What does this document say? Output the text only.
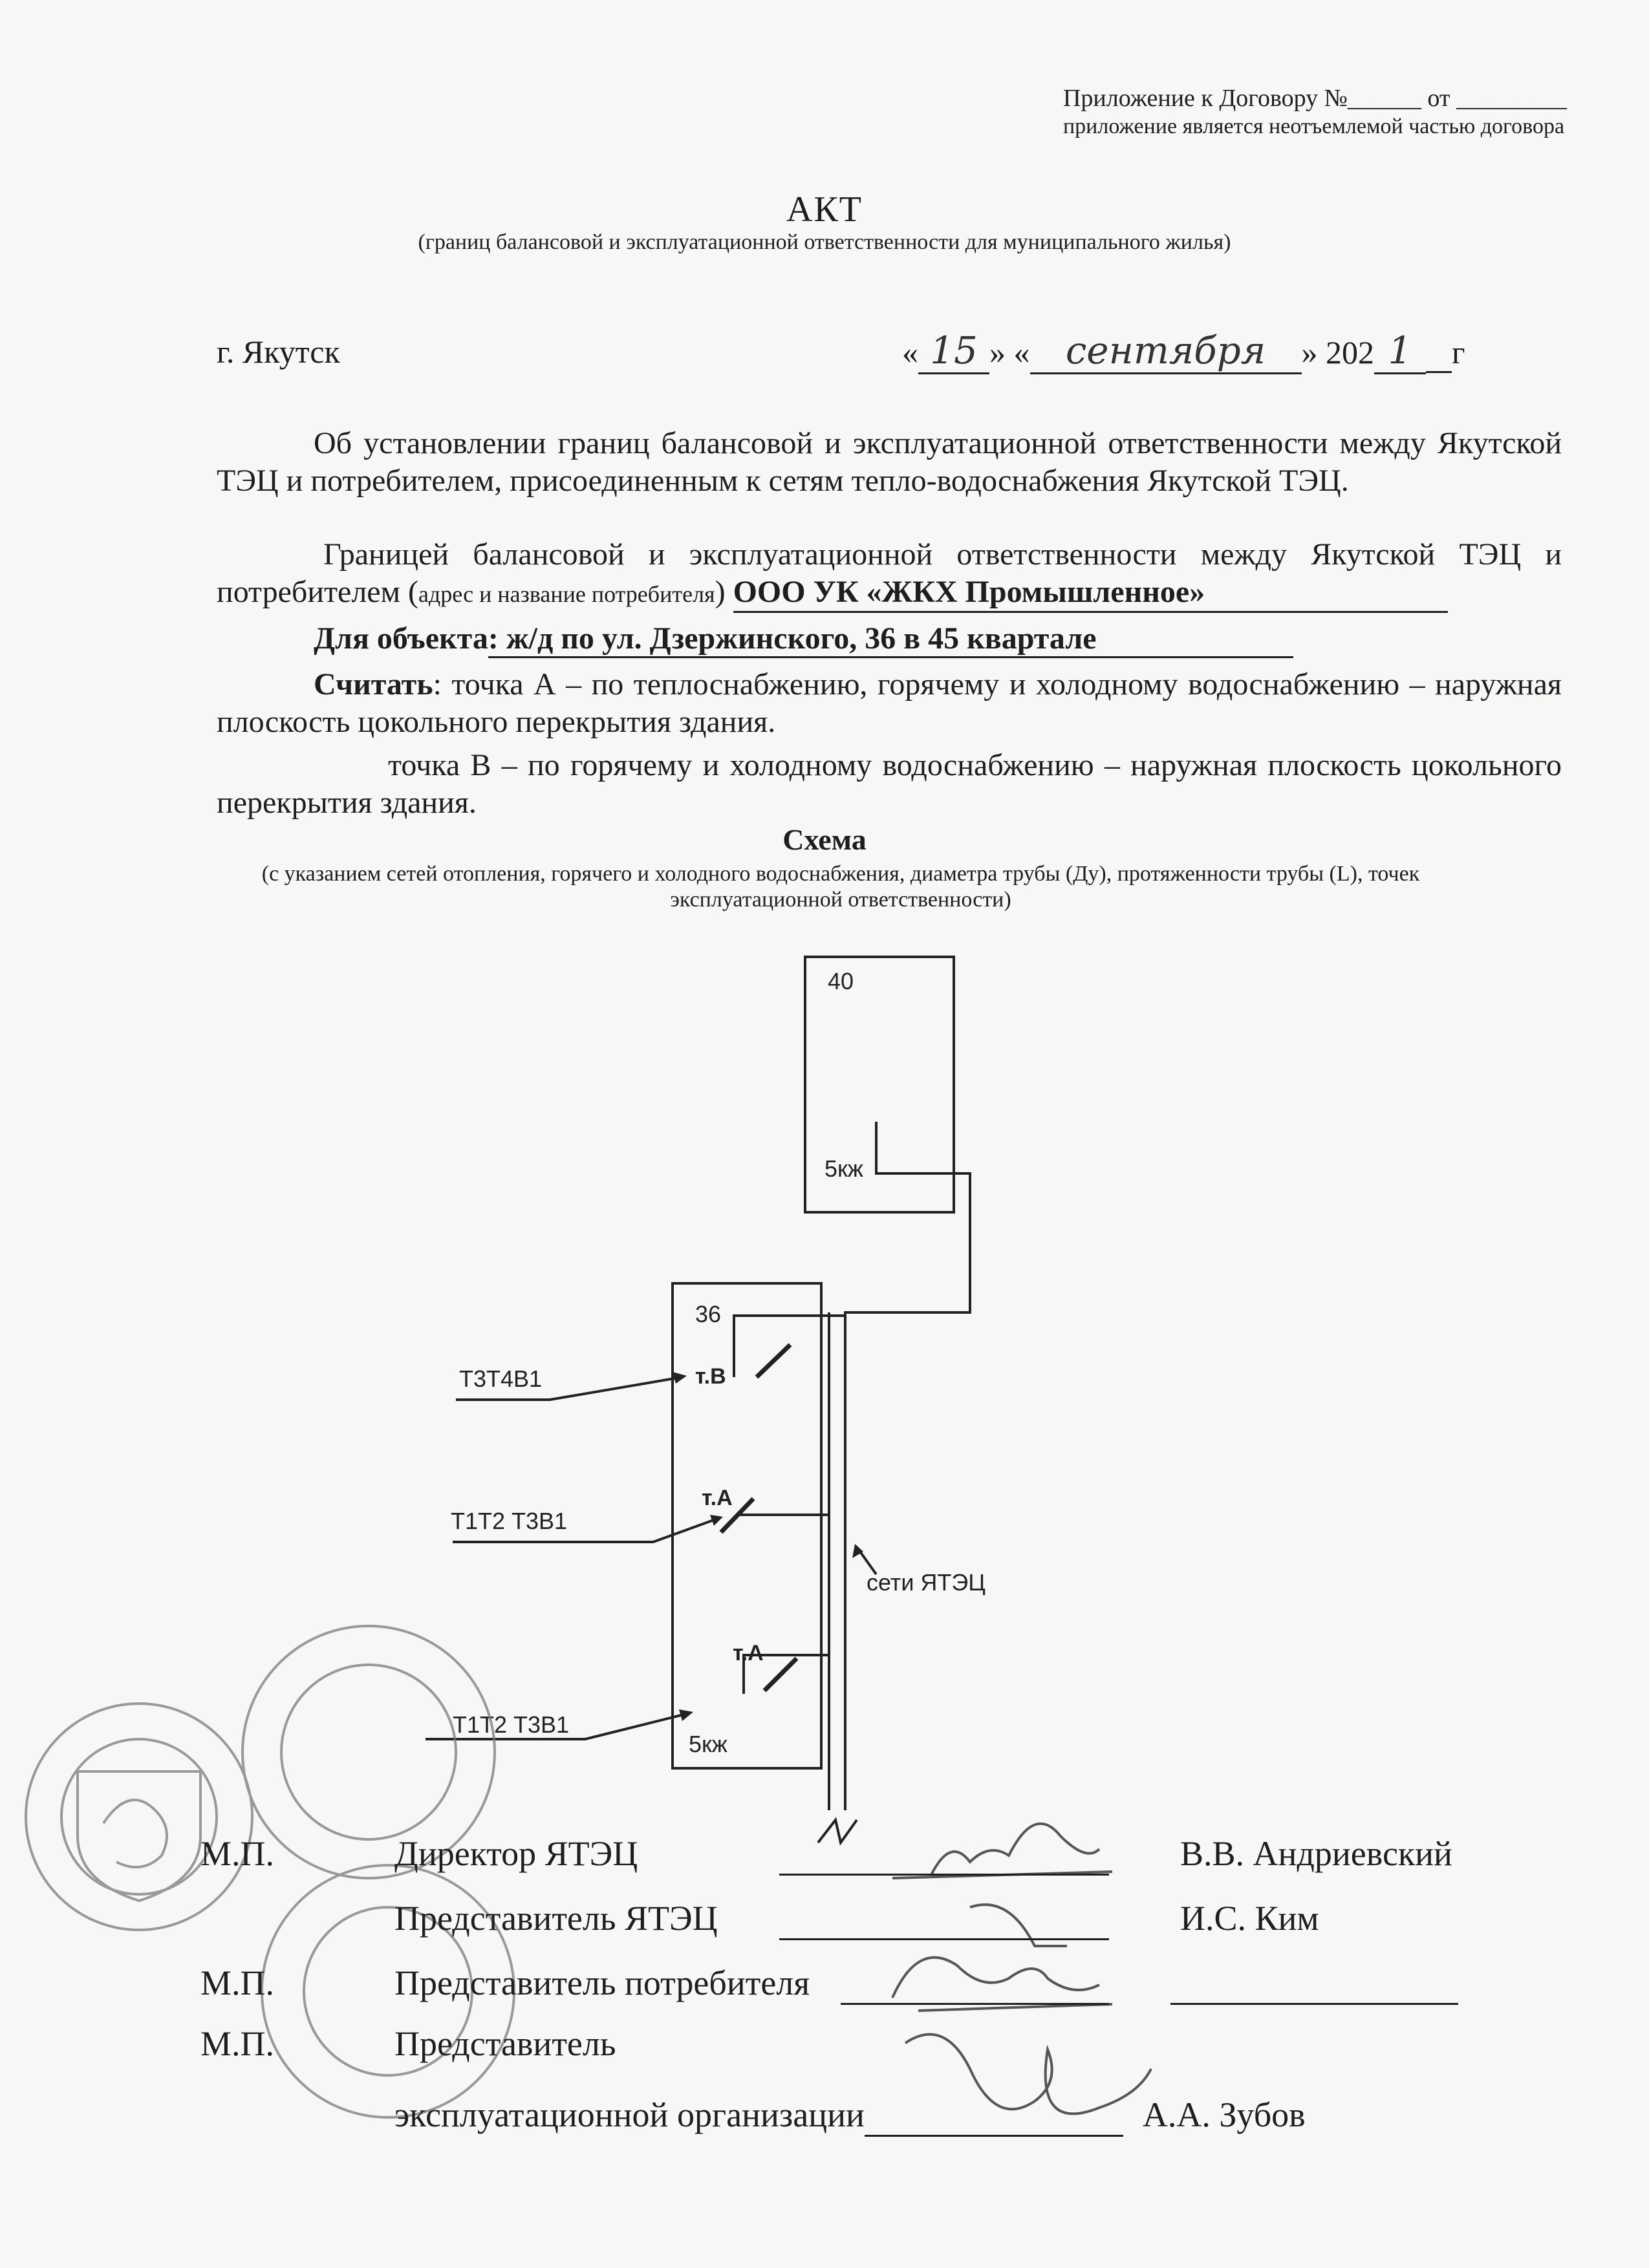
Приложение к Договору №______ от _________
приложение является неотъемлемой частью договора
АКТ
(границ балансовой и эксплуатационной ответственности для муниципального жилья)
г. Якутск	« 15 » « сентября » 202 1 г
Об установлении границ балансовой и эксплуатационной ответственности между Якутской ТЭЦ и потребителем, присоединенным к сетям тепло-водоснабжения Якутской ТЭЦ.
Границей балансовой и эксплуатационной ответственности между Якутской ТЭЦ и потребителем (адрес и название потребителя) ООО УК «ЖКХ Промышленное»
Для объекта: ж/д по ул. Дзержинского, 36 в 45 квартале
Считать: точка А – по теплоснабжению, горячему и холодному водоснабжению – наружная плоскость цокольного перекрытия здания.
точка В – по горячему и холодному водоснабжению – наружная плоскость цокольного перекрытия здания.
Схема
(с указанием сетей отопления, горячего и холодного водоснабжения, диаметра трубы (Ду), протяженности трубы (L), точек эксплуатационной ответственности)
40
5кж
36
5кж
Т3Т4В1
Т1Т2 Т3В1
Т1Т2 Т3В1
сети ЯТЭЦ
т.В
т.А
т.А
М.П.	Директор ЯТЭЦ	В.В. Андриевский
Представитель ЯТЭЦ	И.С. Ким
М.П.	Представитель потребителя
М.П.	Представитель
эксплуатационной организации	А.А. Зубов
